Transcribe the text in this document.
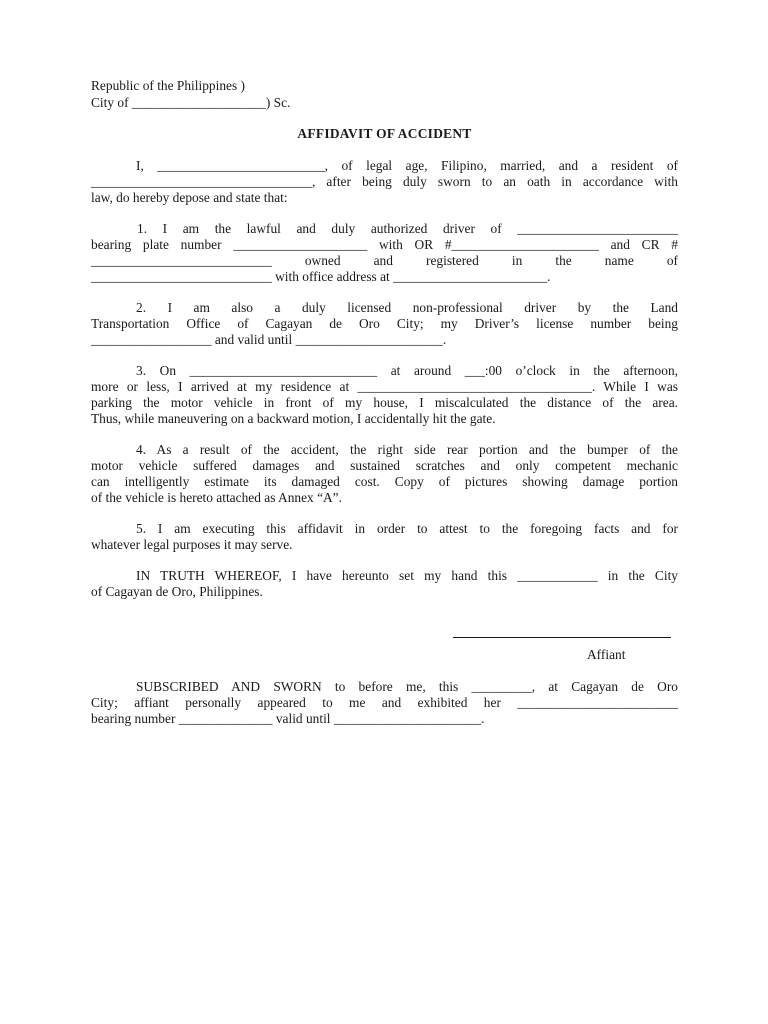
Republic of the Philippines )
City of ____________________) Sc.
AFFIDAVIT OF ACCIDENT
I, _________________________, of legal age, Filipino, married, and a resident of
_________________________________, after being duly sworn to an oath in accordance with
law, do hereby depose and state that:
1. I am the lawful and duly authorized driver of ________________________
bearing plate number ____________________ with OR #______________________ and CR #
___________________________ owned and registered in the name of
___________________________ with office address at _______________________.
2. I am also a duly licensed non-professional driver by the Land
Transportation Office of Cagayan de Oro City; my Driver’s license number being
__________________ and valid until ______________________.
3. On ____________________________ at around ___:00 o’clock in the afternoon,
more or less, I arrived at my residence at ___________________________________. While I was
parking the motor vehicle in front of my house, I miscalculated the distance of the area.
Thus, while maneuvering on a backward motion, I accidentally hit the gate.
4. As a result of the accident, the right side rear portion and the bumper of the
motor vehicle suffered damages and sustained scratches and only competent mechanic
can intelligently estimate its damaged cost. Copy of pictures showing damage portion
of the vehicle is hereto attached as Annex “A”.
5. I am executing this affidavit in order to attest to the foregoing facts and for
whatever legal purposes it may serve.
IN TRUTH WHEREOF, I have hereunto set my hand this ____________ in the City
of Cagayan de Oro, Philippines.
Affiant
SUBSCRIBED AND SWORN to before me, this _________, at Cagayan de Oro
City; affiant personally appeared to me and exhibited her ________________________
bearing number ______________ valid until ______________________.
